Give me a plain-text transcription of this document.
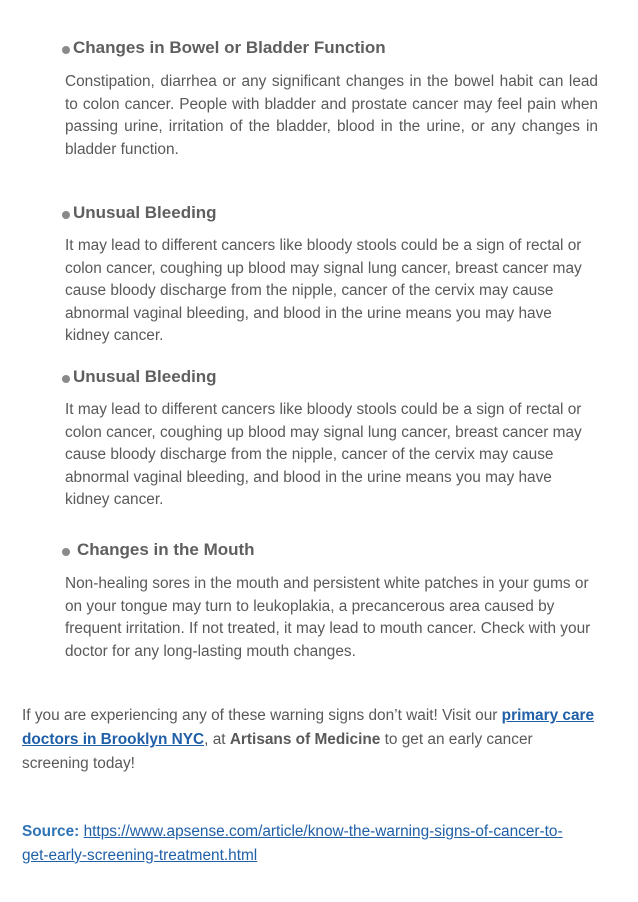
Changes in Bowel or Bladder Function
Constipation, diarrhea or any significant changes in the bowel habit can lead to colon cancer. People with bladder and prostate cancer may feel pain when passing urine, irritation of the bladder, blood in the urine, or any changes in bladder function.
Unusual Bleeding
It may lead to different cancers like bloody stools could be a sign of rectal or colon cancer, coughing up blood may signal lung cancer, breast cancer may cause bloody discharge from the nipple, cancer of the cervix may cause abnormal vaginal bleeding, and blood in the urine means you may have kidney cancer.
Unusual Bleeding
It may lead to different cancers like bloody stools could be a sign of rectal or colon cancer, coughing up blood may signal lung cancer, breast cancer may cause bloody discharge from the nipple, cancer of the cervix may cause abnormal vaginal bleeding, and blood in the urine means you may have kidney cancer.
Changes in the Mouth
Non-healing sores in the mouth and persistent white patches in your gums or on your tongue may turn to leukoplakia, a precancerous area caused by frequent irritation. If not treated, it may lead to mouth cancer. Check with your doctor for any long-lasting mouth changes.
If you are experiencing any of these warning signs don’t wait! Visit our primary care doctors in Brooklyn NYC, at Artisans of Medicine to get an early cancer screening today!
Source: https://www.apsense.com/article/know-the-warning-signs-of-cancer-to-get-early-screening-treatment.html
